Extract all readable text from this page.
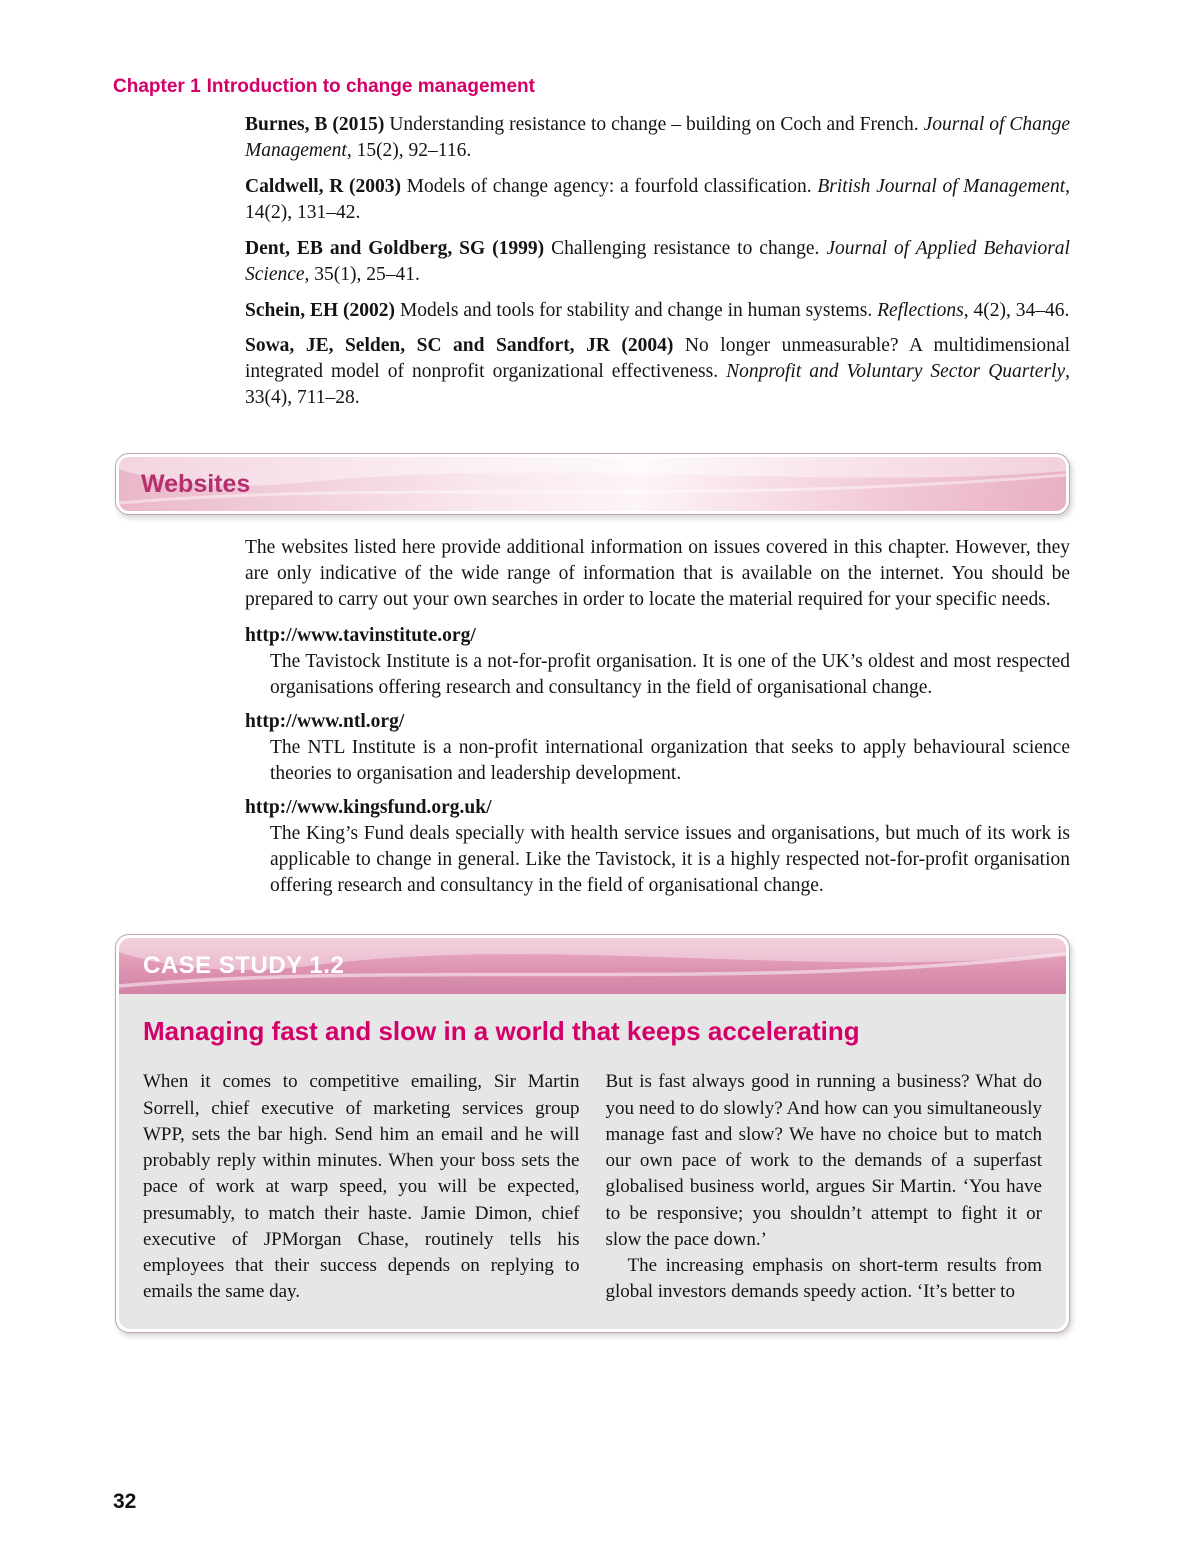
Chapter 1 Introduction to change management

Burnes, B (2015) Understanding resistance to change – building on Coch and French. Journal of Change Management, 15(2), 92–116.

Caldwell, R (2003) Models of change agency: a fourfold classification. British Journal of Management, 14(2), 131–42.

Dent, EB and Goldberg, SG (1999) Challenging resistance to change. Journal of Applied Behavioral Science, 35(1), 25–41.

Schein, EH (2002) Models and tools for stability and change in human systems. Reflections, 4(2), 34–46.

Sowa, JE, Selden, SC and Sandfort, JR (2004) No longer unmeasurable? A multidimensional integrated model of nonprofit organizational effectiveness. Nonprofit and Voluntary Sector Quarterly, 33(4), 711–28.

Websites

The websites listed here provide additional information on issues covered in this chapter. However, they are only indicative of the wide range of information that is available on the internet. You should be prepared to carry out your own searches in order to locate the material required for your specific needs.

http://www.tavinstitute.org/

The Tavistock Institute is a not-for-profit organisation. It is one of the UK’s oldest and most respected organisations offering research and consultancy in the field of organisational change.

http://www.ntl.org/

The NTL Institute is a non-profit international organization that seeks to apply behavioural science theories to organisation and leadership development.

http://www.kingsfund.org.uk/

The King’s Fund deals specially with health service issues and organisations, but much of its work is applicable to change in general. Like the Tavistock, it is a highly respected not-for-profit organisation offering research and consultancy in the field of organisational change.

CASE STUDY 1.2
Managing fast and slow in a world that keeps accelerating

When it comes to competitive emailing, Sir Martin Sorrell, chief executive of marketing services group WPP, sets the bar high. Send him an email and he will probably reply within minutes. When your boss sets the pace of work at warp speed, you will be expected, presumably, to match their haste. Jamie Dimon, chief executive of JPMorgan Chase, routinely tells his employees that their success depends on replying to emails the same day.

But is fast always good in running a business? What do you need to do slowly? And how can you simultaneously manage fast and slow? We have no choice but to match our own pace of work to the demands of a superfast globalised business world, argues Sir Martin. ‘You have to be responsive; you shouldn’t attempt to fight it or slow the pace down.’

The increasing emphasis on short-term results from global investors demands speedy action. ‘It’s better to

32
